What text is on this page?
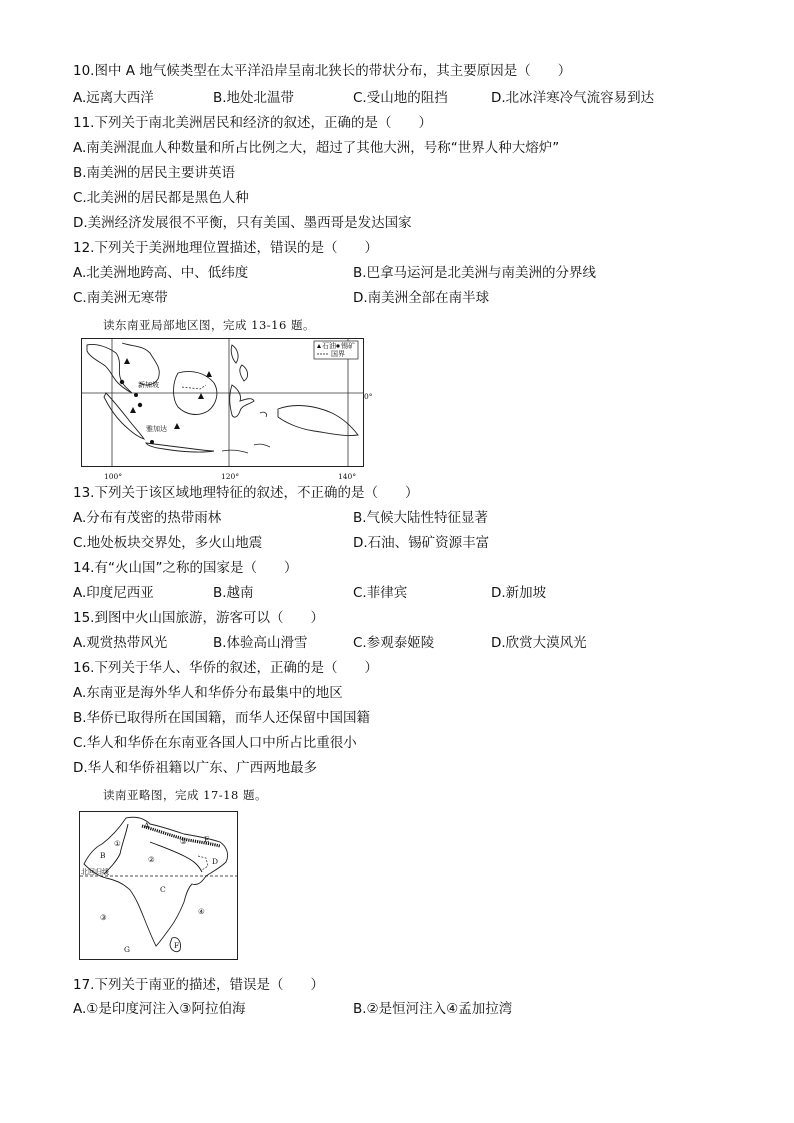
10.图中 A 地气候类型在太平洋沿岸呈南北狭长的带状分布，其主要原因是（　　）
A.远离大西洋	B.地处北温带	C.受山地的阻挡	D.北冰洋寒冷气流容易到达
11.下列关于南北美洲居民和经济的叙述，正确的是（　　）
A.南美洲混血人种数量和所占比例之大，超过了其他大洲，号称“世界人种大熔炉”
B.南美洲的居民主要讲英语
C.北美洲的居民都是黑色人种
D.美洲经济发展很不平衡，只有美国、墨西哥是发达国家
12.下列关于美洲地理位置描述，错误的是（　　）
A.北美洲地跨高、中、低纬度	B.巴拿马运河是北美洲与南美洲的分界线
C.南美洲无寒带	D.南美洲全部在南半球
读东南亚局部地区图，完成 13-16 题。
石油 锡矿
国界
新加坡
雅加达
0°
100°	120°	140°
13.下列关于该区域地理特征的叙述，不正确的是（　　）
A.分布有茂密的热带雨林	B.气候大陆性特征显著
C.地处板块交界处，多火山地震	D.石油、锡矿资源丰富
14.有“火山国”之称的国家是（　　）
A.印度尼西亚	B.越南	C.菲律宾	D.新加坡
15.到图中火山国旅游，游客可以（　　）
A.观赏热带风光	B.体验高山滑雪	C.参观泰姬陵	D.欣赏大漠风光
16.下列关于华人、华侨的叙述，正确的是（　　）
A.东南亚是海外华人和华侨分布最集中的地区
B.华侨已取得所在国国籍，而华人还保留中国国籍
C.华人和华侨在东南亚各国人口中所占比重很小
D.华人和华侨祖籍以广东、广西两地最多
读南亚略图，完成 17-18 题。
A
B
C
D
E
F
G
①
②
③
④
⑤
北回归线
17.下列关于南亚的描述，错误是（　　）
A.①是印度河注入③阿拉伯海	B.②是恒河注入④孟加拉湾
